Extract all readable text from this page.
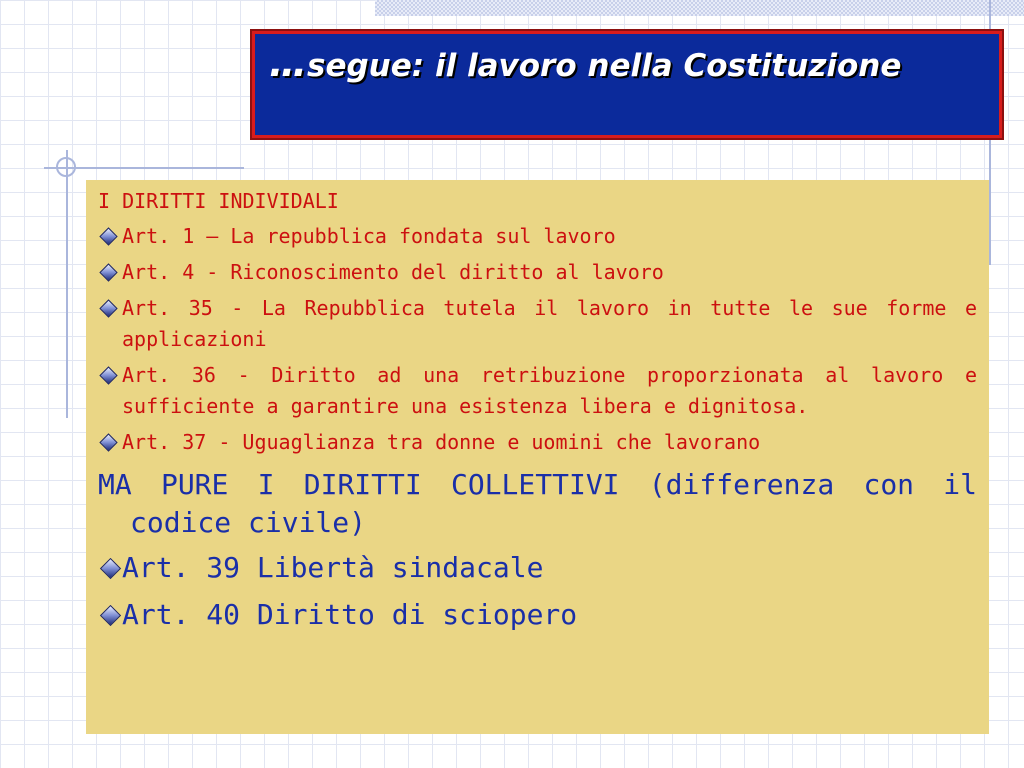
…segue: il lavoro nella Costituzione
I DIRITTI INDIVIDALI
Art. 1 – La repubblica fondata sul lavoro
Art. 4 - Riconoscimento del diritto al lavoro
Art. 35 - La Repubblica tutela il lavoro in tutte le sue forme e applicazioni
Art. 36 - Diritto ad una retribuzione proporzionata al lavoro e sufficiente a garantire una esistenza libera e dignitosa.
Art. 37 - Uguaglianza tra donne e uomini che lavorano
MA PURE I DIRITTI COLLETTIVI (differenza con il codice civile)
Art. 39 Libertà sindacale
Art. 40 Diritto di sciopero
